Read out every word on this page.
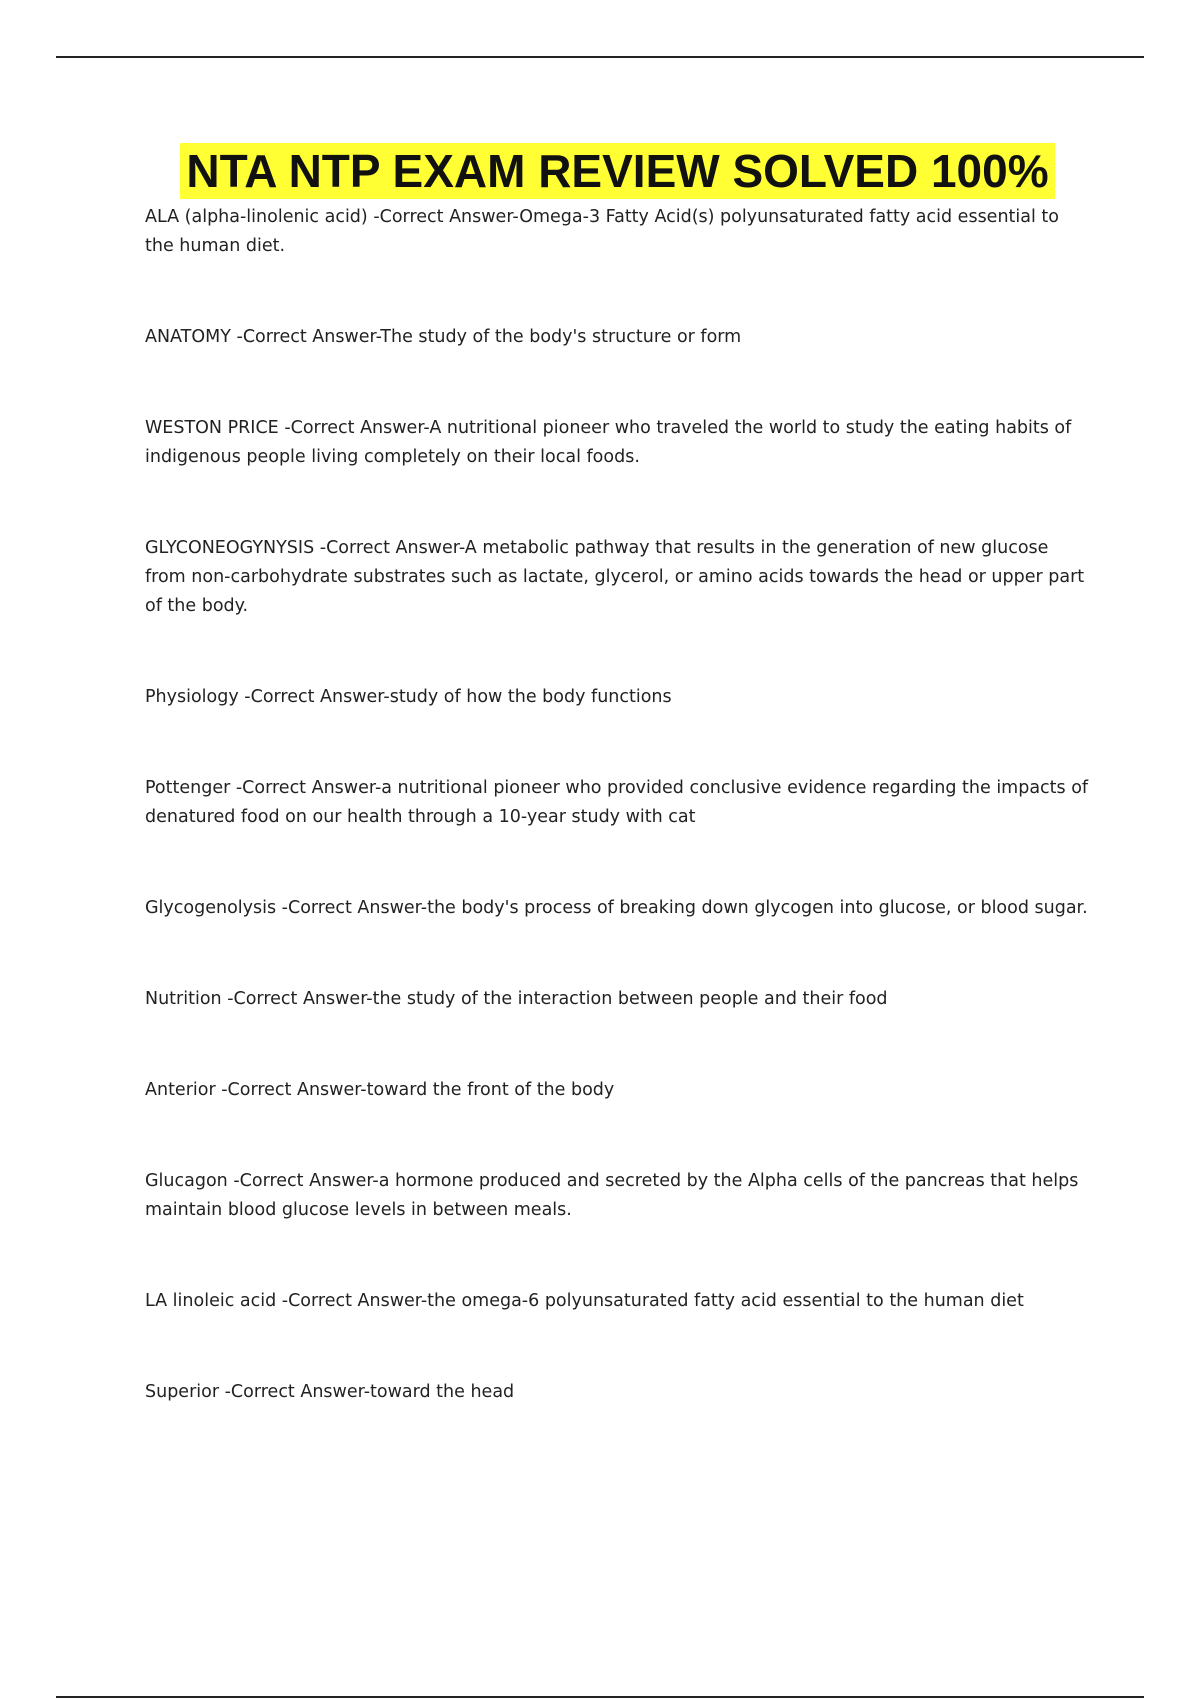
NTA NTP EXAM REVIEW SOLVED 100%
ALA (alpha-linolenic acid) -Correct Answer-Omega-3 Fatty Acid(s) polyunsaturated fatty acid essential to the human diet.
ANATOMY -Correct Answer-The study of the body's structure or form
WESTON PRICE -Correct Answer-A nutritional pioneer who traveled the world to study the eating habits of indigenous people living completely on their local foods.
GLYCONEOGYNYSIS -Correct Answer-A metabolic pathway that results in the generation of new glucose from non-carbohydrate substrates such as lactate, glycerol, or amino acids towards the head or upper part of the body.
Physiology -Correct Answer-study of how the body functions
Pottenger -Correct Answer-a nutritional pioneer who provided conclusive evidence regarding the impacts of denatured food on our health through a 10-year study with cat
Glycogenolysis -Correct Answer-the body's process of breaking down glycogen into glucose, or blood sugar.
Nutrition -Correct Answer-the study of the interaction between people and their food
Anterior -Correct Answer-toward the front of the body
Glucagon -Correct Answer-a hormone produced and secreted by the Alpha cells of the pancreas that helps maintain blood glucose levels in between meals.
LA linoleic acid -Correct Answer-the omega-6 polyunsaturated fatty acid essential to the human diet
Superior -Correct Answer-toward the head
